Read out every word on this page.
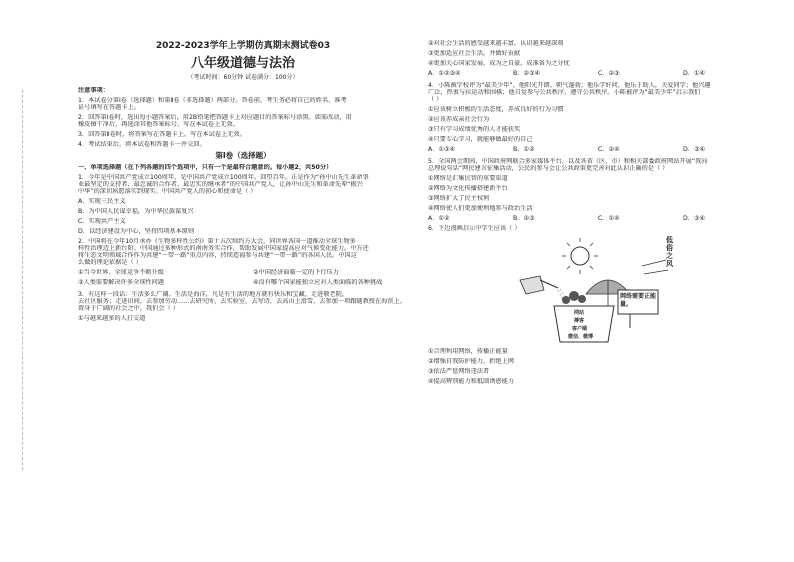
2022-2023学年上学期仿真期末测试卷03
八年级道德与法治
（考试时间：60分钟 试卷满分：100分）
注意事项：
1．本试卷分第Ⅰ卷（选择题）和第Ⅱ卷（非选择题）两部分。答卷前，考生务必将自己的姓名、准考
证号填写在答题卡上。
2．回答第Ⅰ卷时，选出每小题答案后，用2B铅笔把答题卡上对应题目的答案标号涂黑。如需改动，用
橡皮擦干净后，再选涂其他答案标号。写在本试卷上无效。
3．回答第Ⅱ卷时，将答案写在答题卡上。写在本试卷上无效。
4．考试结束后，将本试卷和答题卡一并交回。
第Ⅰ卷（选择题）
一、单项选择题（在下列各题的四个选项中，只有一个是最符合题意的。每小题2，共50分）
1．今年是中国共产党成立100周年，是中国共产党成立100周年。回望百年，正是作为“孙中山先生革命事
业最坚定的支持者、最忠诚的合作者、最忠实的继承者”的中国共产党人，让孙中山先生和革命先辈“振兴
中华”的深切夙愿落实到现实。中国共产党人的初心和使命是（ ）
A．实现三民主义
B．为中国人民谋幸福，为中华民族谋复兴
C．实现共产主义
D．以经济建设为中心，坚持四项基本原则
2．中国将在今年10月承办《生物多样性公约》第十五次缔约方大会，同世界各国一道推动全球生物多
样性治理迈上新台阶。中国通过多种形式的南南务实合作，帮助发展中国家提高应对气候变化能力。中方还
将生态文明领域合作作为共建“一带一路”重点内容，持续造福参与共建“一带一路”的各国人民。中国这
么做的理论依据是（ ）
①当今世界，全球竞争不断升级	②中国经济面临一定的下行压力
③人类需要解决许多全球性问题	④没有哪个国家能独立应对人类面临的各种挑战
3．有这样一段话：生活多么广阔。生活是海洋，凡是有生活的地方就有快乐和宝藏。走进敬老院，
去社区服务；走进田间，去参加劳动……去研究所，去实验室，去写诗，去高山上滑雪，去参加一项跟随教授在海滨上。
置身于广阔的社会之中，我们会（ ）
①与越来越多的人打交道
②对社会生活的感受越来越丰富，认识越来越深刻
③更加适应社会生活，并做好贡献
④更加关心国家发展，成为之自豪，成准备为之分忧
A．①②③④	B．②③④	C．②③	D．①④
4．小陈被学校评为“最美少年”。他阳光开朗、朝气蓬勃；他乐学好问，他乐于助人，关爱同学；他兴趣
广泛，热衷与拉运动和围棋；他自觉参与公共秩序，遵守公共秩序。小陈被评为“最美少年”启示我们
（ ）
①应该树立积极的生活态度，养成良好的行为习惯
②应该养成亲社会行为
③只有学习成绩优秀的人才能获奖
④只要专心学习，就能够做最好的自己
A．①③④	B．①②	C．②④	D．③④
5．全国两会期间，中国政府网联合多家媒体平台，以及各省（区、市）和相关部委政府网站开展“我向
总理说句话”网民建言征集活动，公民的参与会让公共政策更完善对此认识正确的是（ ）
①网络是汇集民智的重要渠道
②网络为文化传播搭建新平台
③网络扩大了民主权利
④网络使人们更加便利地参与政治生活
A．①②	B．②③	C．①④	D．③④
6．下边漫画启示中学生应该（ ）
低俗之风
网络需要正能量。
网站
搏客
客户端
微信、微博
①合理利用网络，传播正能量
②增强自我防护能力，拒绝上网
③依法严惩网络违法者
④提高辨别能力和抵制诱惑能力
